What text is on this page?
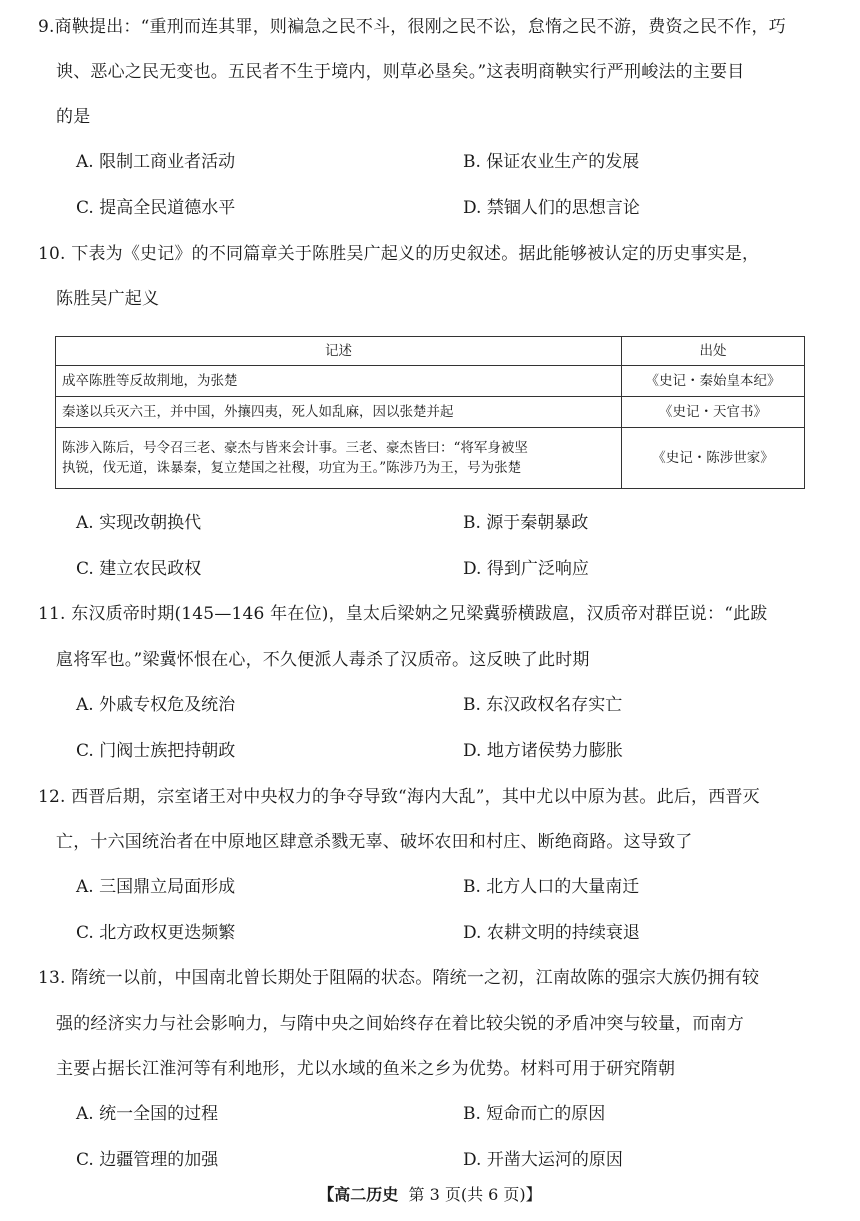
9.商鞅提出：“重刑而连其罪，则褊急之民不斗，很刚之民不讼，怠惰之民不游，费资之民不作，巧
谀、恶心之民无变也。五民者不生于境内，则草必垦矣。”这表明商鞅实行严刑峻法的主要目
的是
A. 限制工商业者活动	B. 保证农业生产的发展
C. 提高全民道德水平	D. 禁锢人们的思想言论
10. 下表为《史记》的不同篇章关于陈胜吴广起义的历史叙述。据此能够被认定的历史事实是，
陈胜吴广起义
记述	出处
成卒陈胜等反故荆地，为张楚	《史记・秦始皇本纪》
秦遂以兵灭六王，并中国，外攘四夷，死人如乱麻，因以张楚并起	《史记・天官书》

陈涉入陈后，号令召三老、豪杰与皆来会计事。三老、豪杰皆曰：“将军身被坚
执锐，伐无道，诛暴秦，复立楚国之社稷，功宜为王。”陈涉乃为王，号为张楚	《史记・陈涉世家》
A. 实现改朝换代	B. 源于秦朝暴政
C. 建立农民政权	D. 得到广泛响应
11. 东汉质帝时期(145—146 年在位)，皇太后梁妠之兄梁冀骄横跋扈，汉质帝对群臣说：“此跋
扈将军也。”梁冀怀恨在心，不久便派人毒杀了汉质帝。这反映了此时期
A. 外戚专权危及统治	B. 东汉政权名存实亡
C. 门阀士族把持朝政	D. 地方诸侯势力膨胀
12. 西晋后期，宗室诸王对中央权力的争夺导致“海内大乱”，其中尤以中原为甚。此后，西晋灭
亡，十六国统治者在中原地区肆意杀戮无辜、破坏农田和村庄、断绝商路。这导致了
A. 三国鼎立局面形成	B. 北方人口的大量南迁
C. 北方政权更迭频繁	D. 农耕文明的持续衰退
13. 隋统一以前，中国南北曾长期处于阻隔的状态。隋统一之初，江南故陈的强宗大族仍拥有较
强的经济实力与社会影响力，与隋中央之间始终存在着比较尖锐的矛盾冲突与较量，而南方
主要占据长江淮河等有利地形，尤以水域的鱼米之乡为优势。材料可用于研究隋朝
A. 统一全国的过程	B. 短命而亡的原因
C. 边疆管理的加强	D. 开凿大运河的原因
【高二历史 第 3 页(共 6 页)】
